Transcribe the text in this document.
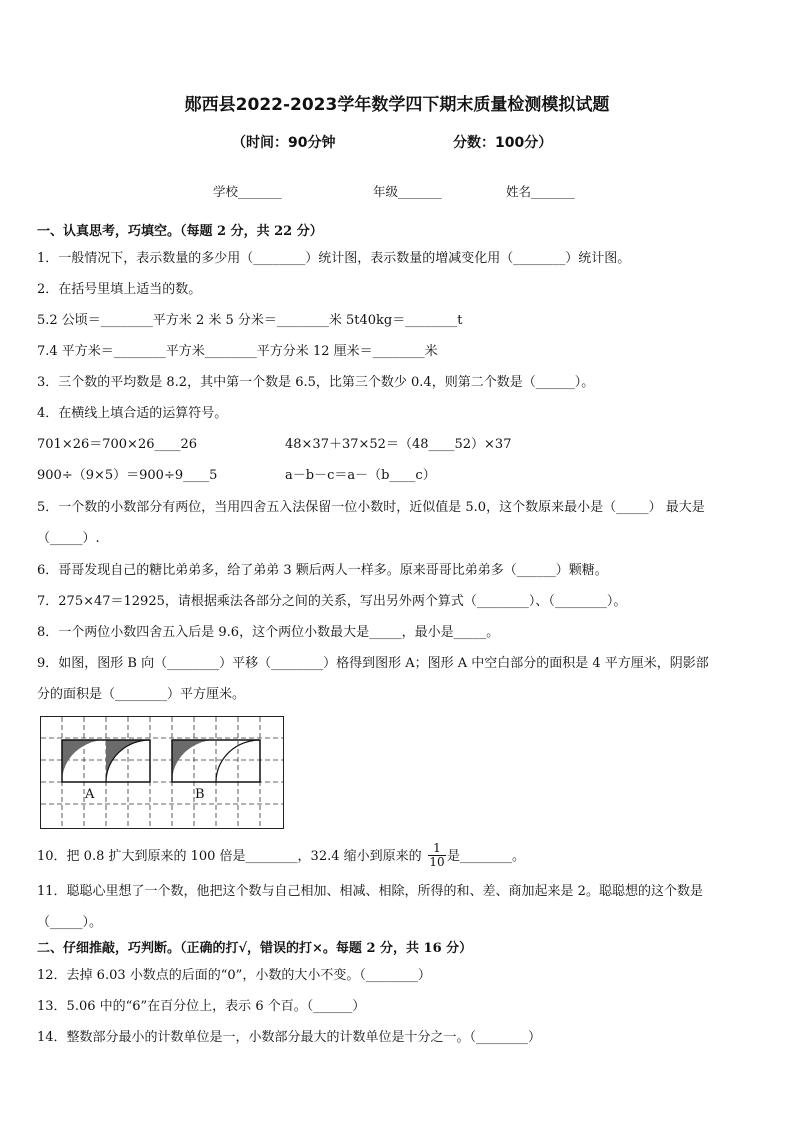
郧西县2022-2023学年数学四下期末质量检测模拟试题
（时间：90分钟	分数：100分）
学校_______	年级_______	姓名_______
一、认真思考，巧填空。（每题 2 分，共 22 分）
1．一般情况下，表示数量的多少用（________）统计图，表示数量的增减变化用（________）统计图。
2．在括号里填上适当的数。
5.2 公顷＝________平方米 2 米 5 分米＝________米 5t40kg＝________t
7.4 平方米＝________平方米________平方分米 12 厘米＝________米
3．三个数的平均数是 8.2，其中第一个数是 6.5，比第三个数少 0.4，则第二个数是（______）。
4．在横线上填合适的运算符号。
701×26＝700×26____26	48×37＋37×52＝（48____52）×37
900÷（9×5）＝900÷9____5	a－b－c＝a－（b____c）
5．一个数的小数部分有两位，当用四舍五入法保留一位小数时，近似值是 5.0，这个数原来最小是（_____） 最大是
（_____）.
6．哥哥发现自己的糖比弟弟多，给了弟弟 3 颗后两人一样多。原来哥哥比弟弟多（______）颗糖。
7．275×47＝12925，请根据乘法各部分之间的关系，写出另外两个算式（________）、（________）。
8．一个两位小数四舍五入后是 9.6，这个两位小数最大是_____，最小是_____。
9．如图，图形 B 向（________）平移（________）格得到图形 A；图形 A 中空白部分的面积是 4 平方厘米，阴影部
分的面积是（________）平方厘米。
A	B
10．把 0.8 扩大到原来的 100 倍是________，32.4 缩小到原来的 $\frac{1}{10}$ 是________。
11．聪聪心里想了一个数，他把这个数与自己相加、相减、相除，所得的和、差、商加起来是 2。聪聪想的这个数是
（_____）。
二、仔细推敲，巧判断。（正确的打√，错误的打×。每题 2 分，共 16 分）
12．去掉 6.03 小数点的后面的“0”，小数的大小不变。（________）
13．5.06 中的“6”在百分位上，表示 6 个百。（______）
14．整数部分最小的计数单位是一，小数部分最大的计数单位是十分之一。（________）
